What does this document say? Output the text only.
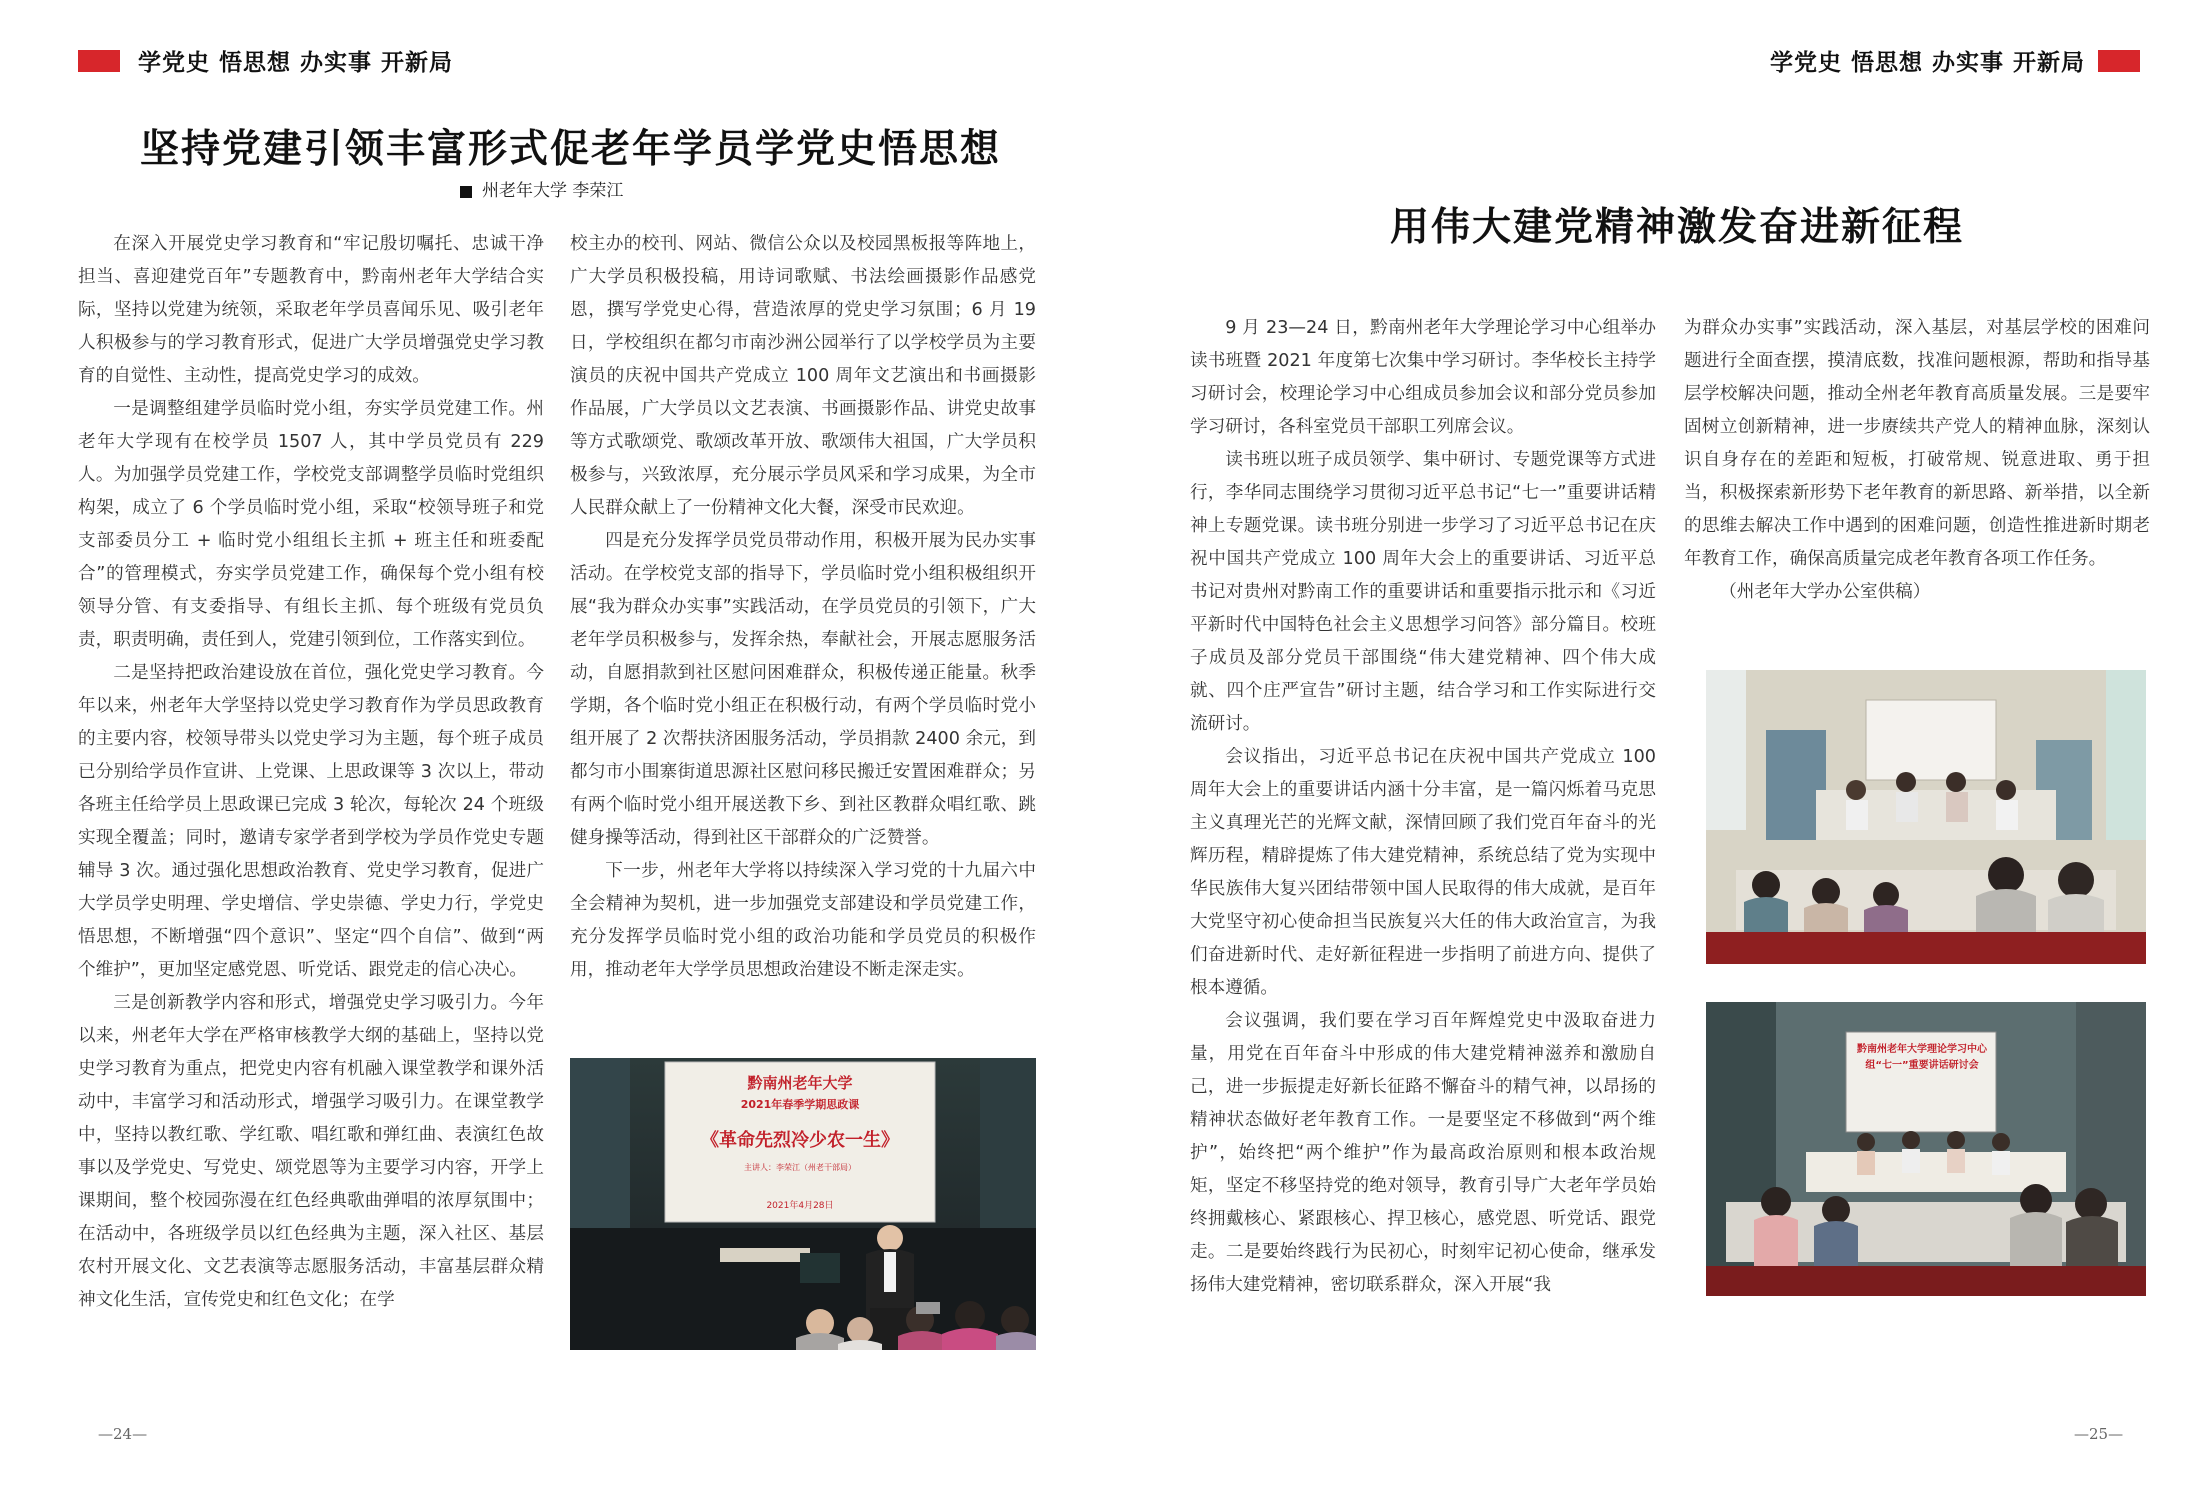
学党史 悟思想 办实事 开新局
坚持党建引领丰富形式促老年学员学党史悟思想
州老年大学 李荣江

在深入开展党史学习教育和“牢记殷切嘱托、忠诚干净担当、喜迎建党百年”专题教育中，黔南州老年大学结合实际，坚持以党建为统领，采取老年学员喜闻乐见、吸引老年人积极参与的学习教育形式，促进广大学员增强党史学习教育的自觉性、主动性，提高党史学习的成效。

一是调整组建学员临时党小组，夯实学员党建工作。州老年大学现有在校学员 1507 人，其中学员党员有 229 人。为加强学员党建工作，学校党支部调整学员临时党组织构架，成立了 6 个学员临时党小组，采取“校领导班子和党支部委员分工 + 临时党小组组长主抓 + 班主任和班委配合”的管理模式，夯实学员党建工作，确保每个党小组有校领导分管、有支委指导、有组长主抓、每个班级有党员负责，职责明确，责任到人，党建引领到位，工作落实到位。

二是坚持把政治建设放在首位，强化党史学习教育。今年以来，州老年大学坚持以党史学习教育作为学员思政教育的主要内容，校领导带头以党史学习为主题，每个班子成员已分别给学员作宣讲、上党课、上思政课等 3 次以上，带动各班主任给学员上思政课已完成 3 轮次，每轮次 24 个班级实现全覆盖；同时，邀请专家学者到学校为学员作党史专题辅导 3 次。通过强化思想政治教育、党史学习教育，促进广大学员学史明理、学史增信、学史崇德、学史力行，学党史悟思想，不断增强“四个意识”、坚定“四个自信”、做到“两个维护”，更加坚定感党恩、听党话、跟党走的信心决心。

三是创新教学内容和形式，增强党史学习吸引力。今年以来，州老年大学在严格审核教学大纲的基础上，坚持以党史学习教育为重点，把党史内容有机融入课堂教学和课外活动中，丰富学习和活动形式，增强学习吸引力。在课堂教学中，坚持以教红歌、学红歌、唱红歌和弹红曲、表演红色故事以及学党史、写党史、颂党恩等为主要学习内容，开学上课期间，整个校园弥漫在红色经典歌曲弹唱的浓厚氛围中；在活动中，各班级学员以红色经典为主题，深入社区、基层农村开展文化、文艺表演等志愿服务活动，丰富基层群众精神文化生活，宣传党史和红色文化；在学

校主办的校刊、网站、微信公众以及校园黑板报等阵地上，广大学员积极投稿，用诗词歌赋、书法绘画摄影作品感党恩，撰写学党史心得，营造浓厚的党史学习氛围；6 月 19 日，学校组织在都匀市南沙洲公园举行了以学校学员为主要演员的庆祝中国共产党成立 100 周年文艺演出和书画摄影作品展，广大学员以文艺表演、书画摄影作品、讲党史故事等方式歌颂党、歌颂改革开放、歌颂伟大祖国，广大学员积极参与，兴致浓厚，充分展示学员风采和学习成果，为全市人民群众献上了一份精神文化大餐，深受市民欢迎。

四是充分发挥学员党员带动作用，积极开展为民办实事活动。在学校党支部的指导下，学员临时党小组积极组织开展“我为群众办实事”实践活动，在学员党员的引领下，广大老年学员积极参与，发挥余热，奉献社会，开展志愿服务活动，自愿捐款到社区慰问困难群众，积极传递正能量。秋季学期，各个临时党小组正在积极行动，有两个学员临时党小组开展了 2 次帮扶济困服务活动，学员捐款 2400 余元，到都匀市小围寨街道思源社区慰问移民搬迁安置困难群众；另有两个临时党小组开展送教下乡、到社区教群众唱红歌、跳健身操等活动，得到社区干部群众的广泛赞誉。

下一步，州老年大学将以持续深入学习党的十九届六中全会精神为契机，进一步加强党支部建设和学员党建工作，充分发挥学员临时党小组的政治功能和学员党员的积极作用，推动老年大学学员思想政治建设不断走深走实。

黔南州老年大学
2021年春季学期思政课
《革命先烈冷少农一生》
主讲人：李荣江（州老干部局）
2021年4月28日
—24—
学党史 悟思想 办实事 开新局
用伟大建党精神激发奋进新征程

9 月 23—24 日，黔南州老年大学理论学习中心组举办读书班暨 2021 年度第七次集中学习研讨。李华校长主持学习研讨会，校理论学习中心组成员参加会议和部分党员参加学习研讨，各科室党员干部职工列席会议。

读书班以班子成员领学、集中研讨、专题党课等方式进行，李华同志围绕学习贯彻习近平总书记“七一”重要讲话精神上专题党课。读书班分别进一步学习了习近平总书记在庆祝中国共产党成立 100 周年大会上的重要讲话、习近平总书记对贵州对黔南工作的重要讲话和重要指示批示和《习近平新时代中国特色社会主义思想学习问答》部分篇目。校班子成员及部分党员干部围绕“伟大建党精神、四个伟大成就、四个庄严宣告”研讨主题，结合学习和工作实际进行交流研讨。

会议指出，习近平总书记在庆祝中国共产党成立 100 周年大会上的重要讲话内涵十分丰富，是一篇闪烁着马克思主义真理光芒的光辉文献，深情回顾了我们党百年奋斗的光辉历程，精辟提炼了伟大建党精神，系统总结了党为实现中华民族伟大复兴团结带领中国人民取得的伟大成就，是百年大党坚守初心使命担当民族复兴大任的伟大政治宣言，为我们奋进新时代、走好新征程进一步指明了前进方向、提供了根本遵循。

会议强调，我们要在学习百年辉煌党史中汲取奋进力量，用党在百年奋斗中形成的伟大建党精神滋养和激励自己，进一步振提走好新长征路不懈奋斗的精气神，以昂扬的精神状态做好老年教育工作。一是要坚定不移做到“两个维护”，始终把“两个维护”作为最高政治原则和根本政治规矩，坚定不移坚持党的绝对领导，教育引导广大老年学员始终拥戴核心、紧跟核心、捍卫核心，感党恩、听党话、跟党走。二是要始终践行为民初心，时刻牢记初心使命，继承发扬伟大建党精神，密切联系群众，深入开展“我

为群众办实事”实践活动，深入基层，对基层学校的困难问题进行全面查摆，摸清底数，找准问题根源，帮助和指导基层学校解决问题，推动全州老年教育高质量发展。三是要牢固树立创新精神，进一步赓续共产党人的精神血脉，深刻认识自身存在的差距和短板，打破常规、锐意进取、勇于担当，积极探索新形势下老年教育的新思路、新举措，以全新的思维去解决工作中遇到的困难问题，创造性推进新时期老年教育工作，确保高质量完成老年教育各项工作任务。

（州老年大学办公室供稿）

黔南州老年大学理论学习中心组“七一”重要讲话研讨会
—25—
